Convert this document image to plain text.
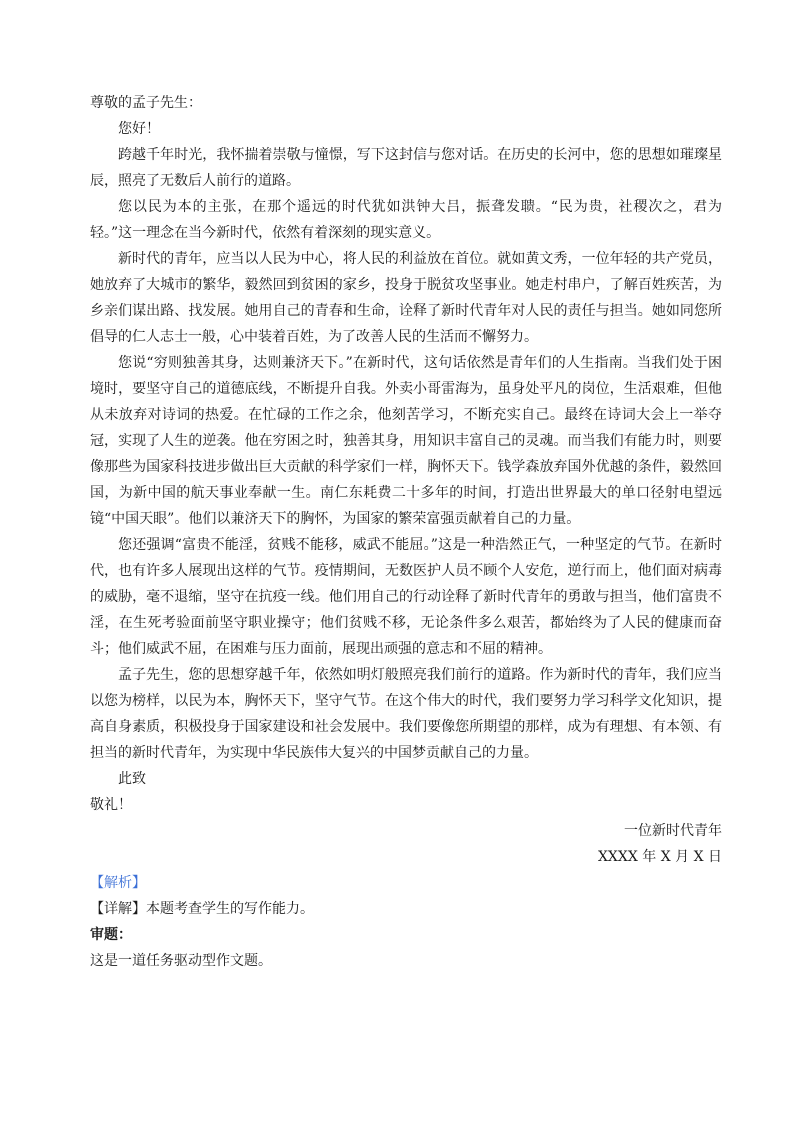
尊敬的孟子先生：

您好！

跨越千年时光，我怀揣着崇敬与憧憬，写下这封信与您对话。在历史的长河中，您的思想如璀璨星辰，照亮了无数后人前行的道路。

您以民为本的主张，在那个遥远的时代犹如洪钟大吕，振聋发聩。“民为贵，社稷次之，君为轻。”这一理念在当今新时代，依然有着深刻的现实意义。

新时代的青年，应当以人民为中心，将人民的利益放在首位。就如黄文秀，一位年轻的共产党员，她放弃了大城市的繁华，毅然回到贫困的家乡，投身于脱贫攻坚事业。她走村串户，了解百姓疾苦，为乡亲们谋出路、找发展。她用自己的青春和生命，诠释了新时代青年对人民的责任与担当。她如同您所倡导的仁人志士一般，心中装着百姓，为了改善人民的生活而不懈努力。

您说“穷则独善其身，达则兼济天下。”在新时代，这句话依然是青年们的人生指南。当我们处于困境时，要坚守自己的道德底线，不断提升自我。外卖小哥雷海为，虽身处平凡的岗位，生活艰难，但他从未放弃对诗词的热爱。在忙碌的工作之余，他刻苦学习，不断充实自己。最终在诗词大会上一举夺冠，实现了人生的逆袭。他在穷困之时，独善其身，用知识丰富自己的灵魂。而当我们有能力时，则要像那些为国家科技进步做出巨大贡献的科学家们一样，胸怀天下。钱学森放弃国外优越的条件，毅然回国，为新中国的航天事业奉献一生。南仁东耗费二十多年的时间，打造出世界最大的单口径射电望远镜“中国天眼”。他们以兼济天下的胸怀，为国家的繁荣富强贡献着自己的力量。

您还强调“富贵不能淫，贫贱不能移，威武不能屈。”这是一种浩然正气，一种坚定的气节。在新时代，也有许多人展现出这样的气节。疫情期间，无数医护人员不顾个人安危，逆行而上，他们面对病毒的威胁，毫不退缩，坚守在抗疫一线。他们用自己的行动诠释了新时代青年的勇敢与担当，他们富贵不淫，在生死考验面前坚守职业操守；他们贫贱不移，无论条件多么艰苦，都始终为了人民的健康而奋斗；他们威武不屈，在困难与压力面前，展现出顽强的意志和不屈的精神。

孟子先生，您的思想穿越千年，依然如明灯般照亮我们前行的道路。作为新时代的青年，我们应当以您为榜样，以民为本，胸怀天下，坚守气节。在这个伟大的时代，我们要努力学习科学文化知识，提高自身素质，积极投身于国家建设和社会发展中。我们要像您所期望的那样，成为有理想、有本领、有担当的新时代青年，为实现中华民族伟大复兴的中国梦贡献自己的力量。

此致

敬礼！

一位新时代青年

XXXX 年 X 月 X 日

【解析】

【详解】本题考查学生的写作能力。

审题：

这是一道任务驱动型作文题。
